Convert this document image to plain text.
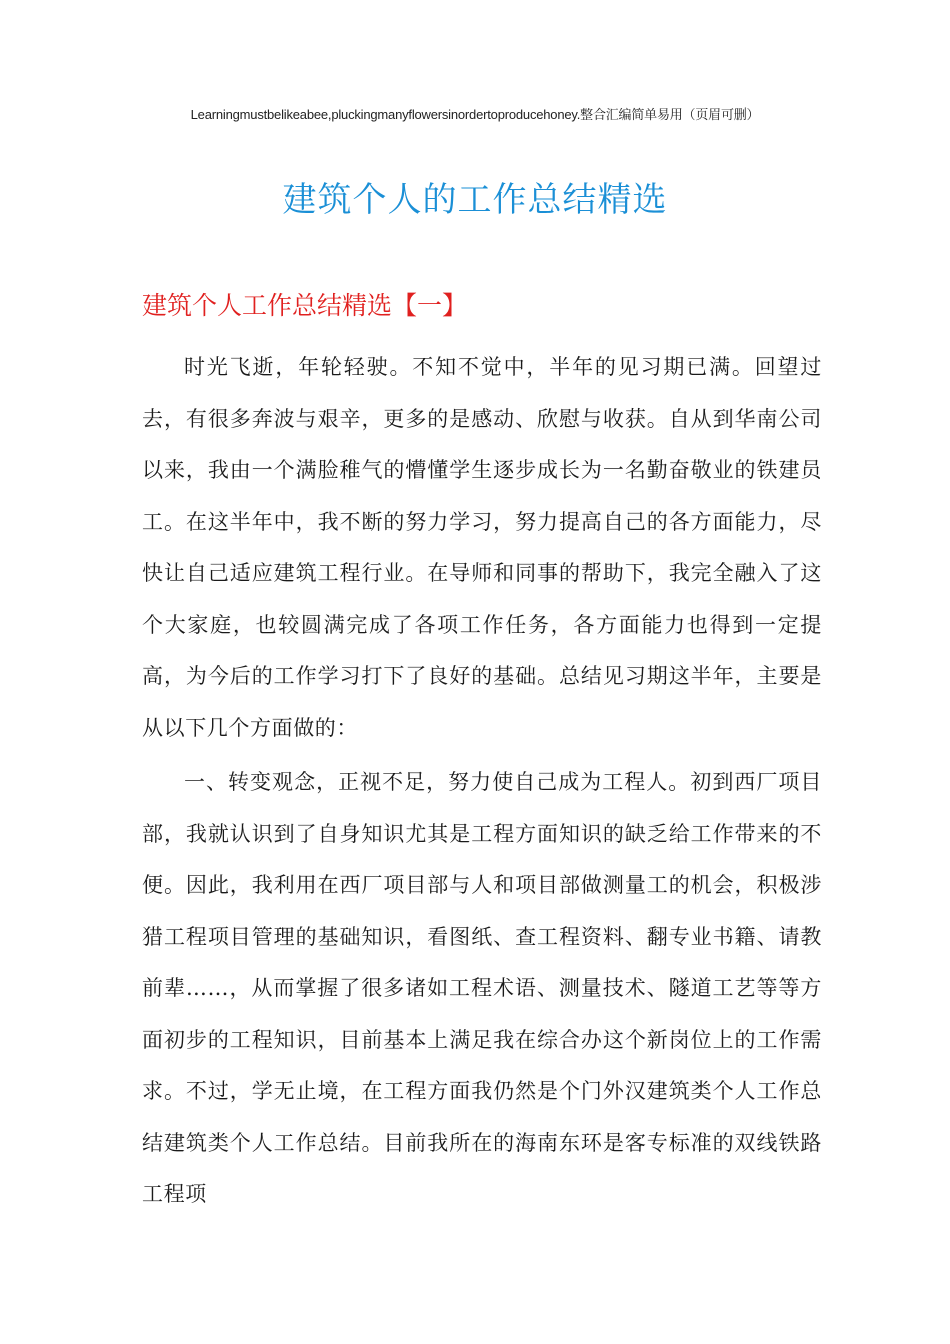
Learningmustbelikeabee,pluckingmanyflowersinordertoproducehoney.整合汇编简单易用（页眉可删）
建筑个人的工作总结精选
建筑个人工作总结精选【一】

时光飞逝，年轮轻驶。不知不觉中，半年的见习期已满。回望过去，有很多奔波与艰辛，更多的是感动、欣慰与收获。自从到华南公司以来，我由一个满脸稚气的懵懂学生逐步成长为一名勤奋敬业的铁建员工。在这半年中，我不断的努力学习，努力提高自己的各方面能力，尽快让自己适应建筑工程行业。在导师和同事的帮助下，我完全融入了这个大家庭，也较圆满完成了各项工作任务，各方面能力也得到一定提高，为今后的工作学习打下了良好的基础。总结见习期这半年，主要是从以下几个方面做的：

一、转变观念，正视不足，努力使自己成为工程人。初到西厂项目部，我就认识到了自身知识尤其是工程方面知识的缺乏给工作带来的不便。因此，我利用在西厂项目部与人和项目部做测量工的机会，积极涉猎工程项目管理的基础知识，看图纸、查工程资料、翻专业书籍、请教前辈……，从而掌握了很多诸如工程术语、测量技术、隧道工艺等等方面初步的工程知识，目前基本上满足我在综合办这个新岗位上的工作需求。不过，学无止境，在工程方面我仍然是个门外汉建筑类个人工作总结建筑类个人工作总结。目前我所在的海南东环是客专标准的双线铁路工程项
